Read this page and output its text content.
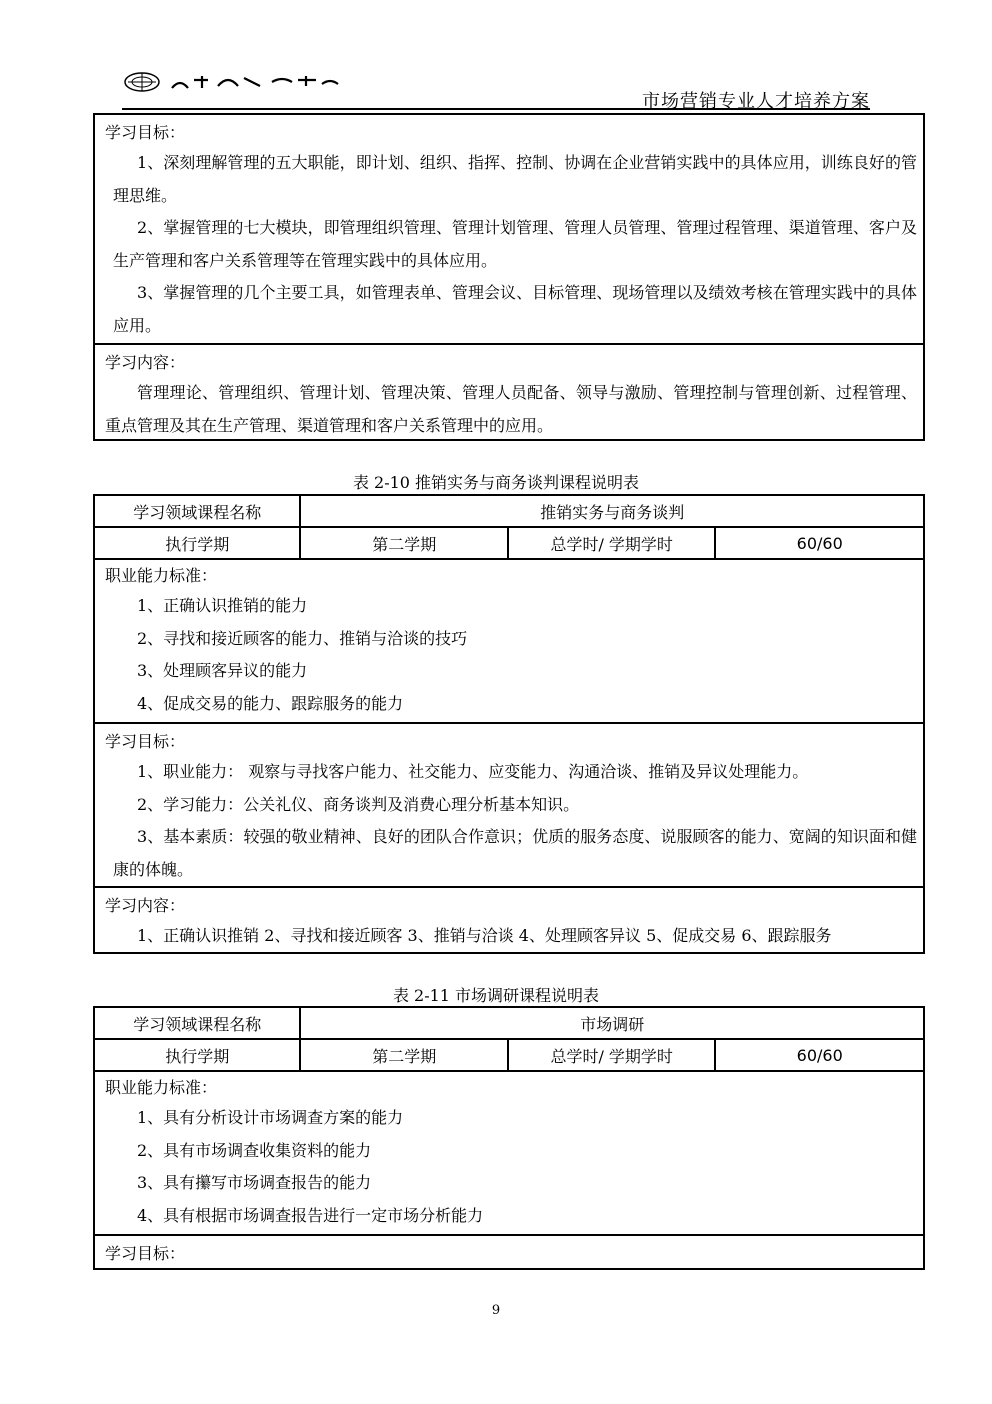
市场营销专业人才培养方案
学习目标：
1、深刻理解管理的五大职能，即计划、组织、指挥、控制、协调在企业营销实践中的具体应用，训练良好的管理思维。
2、掌握管理的七大模块，即管理组织管理、管理计划管理、管理人员管理、管理过程管理、渠道管理、客户及生产管理和客户关系管理等在管理实践中的具体应用。
3、掌握管理的几个主要工具，如管理表单、管理会议、目标管理、现场管理以及绩效考核在管理实践中的具体应用。
学习内容：
管理理论、管理组织、管理计划、管理决策、管理人员配备、领导与激励、管理控制与管理创新、过程管理、重点管理及其在生产管理、渠道管理和客户关系管理中的应用。
表 2-10 推销实务与商务谈判课程说明表
学习领域课程名称	推销实务与商务谈判		
执行学期	第二学期	总学时/ 学期学时	60/60
职业能力标准：
1、正确认识推销的能力
2、寻找和接近顾客的能力、推销与洽谈的技巧
3、处理顾客异议的能力
4、促成交易的能力、跟踪服务的能力
学习目标：
1、职业能力： 观察与寻找客户能力、社交能力、应变能力、沟通洽谈、推销及异议处理能力。
2、学习能力：公关礼仪、商务谈判及消费心理分析基本知识。
3、基本素质：较强的敬业精神、良好的团队合作意识；优质的服务态度、说服顾客的能力、宽阔的知识面和健康的体魄。
学习内容：
1、正确认识推销 2、寻找和接近顾客 3、推销与洽谈 4、处理顾客异议 5、促成交易 6、跟踪服务
表 2-11 市场调研课程说明表
学习领域课程名称	市场调研		
执行学期	第二学期	总学时/ 学期学时	60/60
职业能力标准：
1、具有分析设计市场调查方案的能力
2、具有市场调查收集资料的能力
3、具有攥写市场调查报告的能力
4、具有根据市场调查报告进行一定市场分析能力
学习目标：
9
